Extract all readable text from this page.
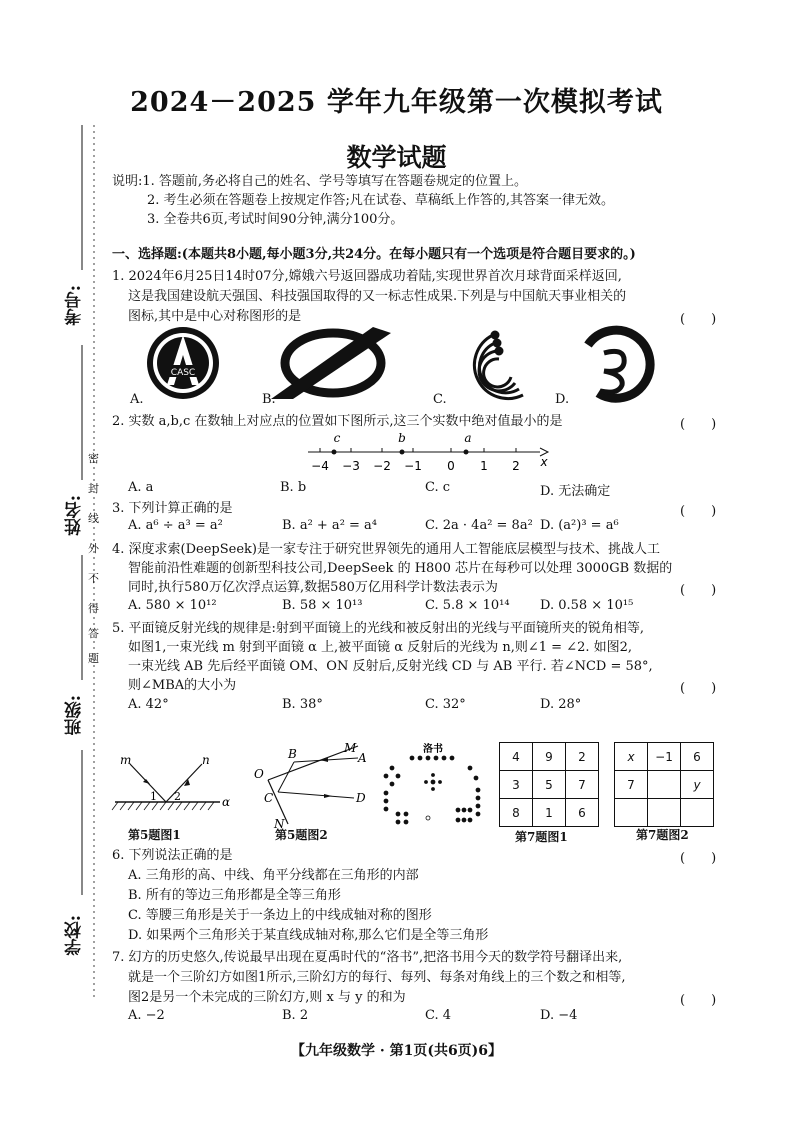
考号:
姓名:
班级:
学校:
密
封
线
外
不
得
答
题
2024－2025 学年九年级第一次模拟考试
数学试题
说明:1. 答题前,务必将自己的姓名、学号等填写在答题卷规定的位置上。
2. 考生必须在答题卷上按规定作答;凡在试卷、草稿纸上作答的,其答案一律无效。
3. 全卷共6页,考试时间90分钟,满分100分。
一、选择题:(本题共8小题,每小题3分,共24分。在每小题只有一个选项是符合题目要求的。)
1. 2024年6月25日14时07分,嫦娥六号返回器成功着陆,实现世界首次月球背面采样返回,
这是我国建设航天强国、科技强国取得的又一标志性成果.下列是与中国航天事业相关的
图标,其中是中心对称图形的是	(　　)
CASC
A.	B.	C.	D.
2. 实数 a,b,c 在数轴上对应点的位置如下图所示,这三个实数中绝对值最小的是	(　　)
−4 −3 −2 −1 0 1 2 x
c	b	a
A. a	B. b	C. c	D. 无法确定
3. 下列计算正确的是	(　　)
A. a⁶ ÷ a³ = a²	B. a² + a² = a⁴	C. 2a · 4a² = 8a² D. (a²)³ = a⁶
4. 深度求索(DeepSeek)是一家专注于研究世界领先的通用人工智能底层模型与技术、挑战人工
智能前沿性难题的创新型科技公司,DeepSeek 的 H800 芯片在每秒可以处理 3000GB 数据的
同时,执行580万亿次浮点运算,数据580万亿用科学计数法表示为	(　　)
A. 580 × 10¹²	B. 58 × 10¹³	C. 5.8 × 10¹⁴ D. 0.58 × 10¹⁵
5. 平面镜反射光线的规律是:射到平面镜上的光线和被反射出的光线与平面镜所夹的锐角相等,
如图1,一束光线 m 射到平面镜 α 上,被平面镜 α 反射后的光线为 n,则∠1 = ∠2. 如图2,
一束光线 AB 先后经平面镜 OM、ON 反射后,反射光线 CD 与 AB 平行. 若∠NCD = 58°,
则∠MBA的大小为	(　　)
A. 42°	B. 38°	C. 32°	D. 28°
m	n
1 2	α
第5题图1
M
A
B
O
C	D
N
第5题图2
洛书	4	9	2
3	5	7
8	1	6
第7题图1
x	−1	6
7		y

第7题图2
6. 下列说法正确的是	(　　)
A. 三角形的高、中线、角平分线都在三角形的内部
B. 所有的等边三角形都是全等三角形
C. 等腰三角形是关于一条边上的中线成轴对称的图形
D. 如果两个三角形关于某直线成轴对称,那么它们是全等三角形
7. 幻方的历史悠久,传说最早出现在夏禹时代的“洛书”,把洛书用今天的数学符号翻译出来,
就是一个三阶幻方如图1所示,三阶幻方的每行、每列、每条对角线上的三个数之和相等,
图2是另一个未完成的三阶幻方,则 x 与 y 的和为	(　　)
A. −2	B. 2	C. 4	D. −4
【九年级数学 · 第1页(共6页)6】
